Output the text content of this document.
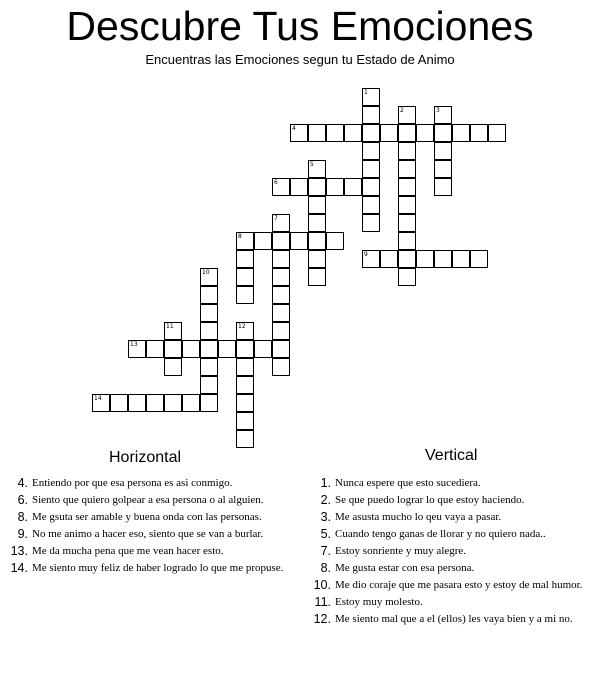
Descubre Tus Emociones
Encuentras las Emociones segun tu Estado de Animo
1
2	3
4
5
6
7
8
9
10
11	12
13
14
Horizontal	Vertical
4. Entiendo por que esa persona es asi conmigo.
6. Siento que quiero golpear a esa persona o al alguien.
8. Me gsuta ser amable y buena onda con las personas.
9. No me animo a hacer eso, siento que se van a burlar.
13. Me da mucha pena que me vean hacer esto.
14. Me siento muy feliz de haber logrado lo que me propuse.
1. Nunca espere que esto sucediera.
2. Se que puedo lograr lo que estoy haciendo.
3. Me asusta mucho lo qeu vaya a pasar.
5. Cuando tengo ganas de llorar y no quiero nada..
7. Estoy sonriente y muy alegre.
8. Me gusta estar con esa persona.
10. Me dio coraje que me pasara esto y estoy de mal humor.
11. Estoy muy molesto.
12. Me siento mal que a el (ellos) les vaya bien y a mi no.
